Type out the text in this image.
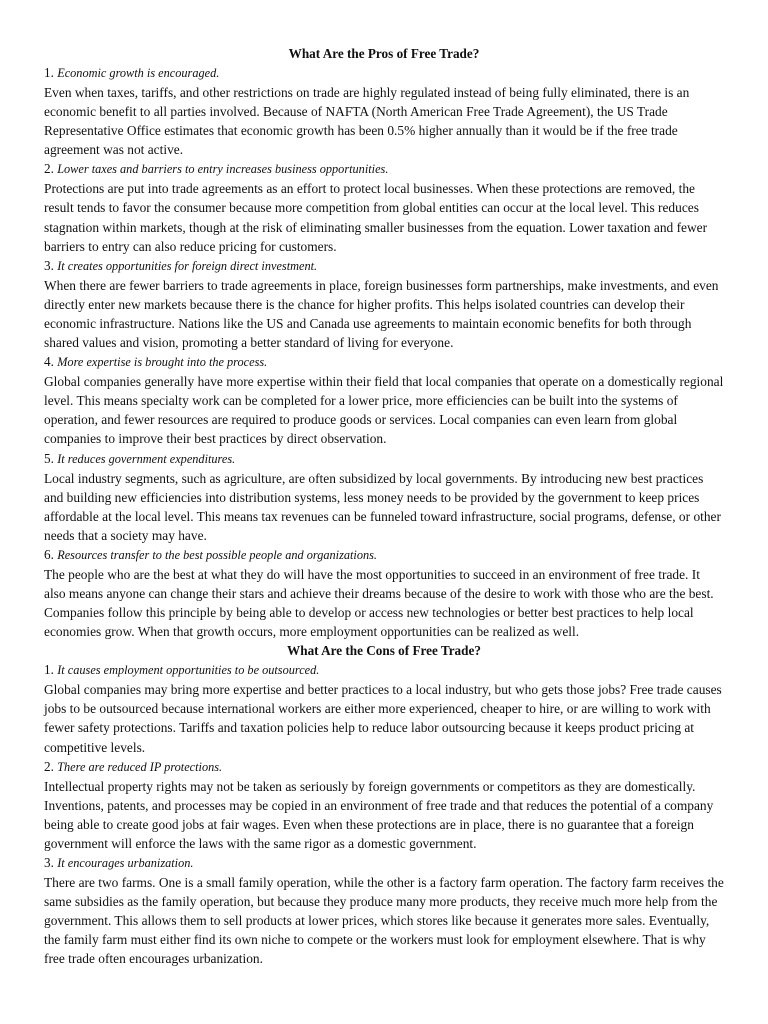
What Are the Pros of Free Trade?

1. Economic growth is encouraged.

Even when taxes, tariffs, and other restrictions on trade are highly regulated instead of being fully eliminated, there is an economic benefit to all parties involved. Because of NAFTA (North American Free Trade Agreement), the US Trade Representative Office estimates that economic growth has been 0.5% higher annually than it would be if the free trade agreement was not active.

2. Lower taxes and barriers to entry increases business opportunities.

Protections are put into trade agreements as an effort to protect local businesses. When these protections are removed, the result tends to favor the consumer because more competition from global entities can occur at the local level. This reduces stagnation within markets, though at the risk of eliminating smaller businesses from the equation. Lower taxation and fewer barriers to entry can also reduce pricing for customers.

3. It creates opportunities for foreign direct investment.

When there are fewer barriers to trade agreements in place, foreign businesses form partnerships, make investments, and even directly enter new markets because there is the chance for higher profits. This helps isolated countries can develop their economic infrastructure. Nations like the US and Canada use agreements to maintain economic benefits for both through shared values and vision, promoting a better standard of living for everyone.

4. More expertise is brought into the process.

Global companies generally have more expertise within their field that local companies that operate on a domestically regional level. This means specialty work can be completed for a lower price, more efficiencies can be built into the systems of operation, and fewer resources are required to produce goods or services. Local companies can even learn from global companies to improve their best practices by direct observation.

5. It reduces government expenditures.

Local industry segments, such as agriculture, are often subsidized by local governments. By introducing new best practices and building new efficiencies into distribution systems, less money needs to be provided by the government to keep prices affordable at the local level. This means tax revenues can be funneled toward infrastructure, social programs, defense, or other needs that a society may have.

6. Resources transfer to the best possible people and organizations.

The people who are the best at what they do will have the most opportunities to succeed in an environment of free trade. It also means anyone can change their stars and achieve their dreams because of the desire to work with those who are the best. Companies follow this principle by being able to develop or access new technologies or better best practices to help local economies grow. When that growth occurs, more employment opportunities can be realized as well.

What Are the Cons of Free Trade?

1. It causes employment opportunities to be outsourced.

Global companies may bring more expertise and better practices to a local industry, but who gets those jobs? Free trade causes jobs to be outsourced because international workers are either more experienced, cheaper to hire, or are willing to work with fewer safety protections. Tariffs and taxation policies help to reduce labor outsourcing because it keeps product pricing at competitive levels.

2. There are reduced IP protections.

Intellectual property rights may not be taken as seriously by foreign governments or competitors as they are domestically. Inventions, patents, and processes may be copied in an environment of free trade and that reduces the potential of a company being able to create good jobs at fair wages. Even when these protections are in place, there is no guarantee that a foreign government will enforce the laws with the same rigor as a domestic government.

3. It encourages urbanization.

There are two farms. One is a small family operation, while the other is a factory farm operation. The factory farm receives the same subsidies as the family operation, but because they produce many more products, they receive much more help from the government. This allows them to sell products at lower prices, which stores like because it generates more sales. Eventually, the family farm must either find its own niche to compete or the workers must look for employment elsewhere. That is why free trade often encourages urbanization.
